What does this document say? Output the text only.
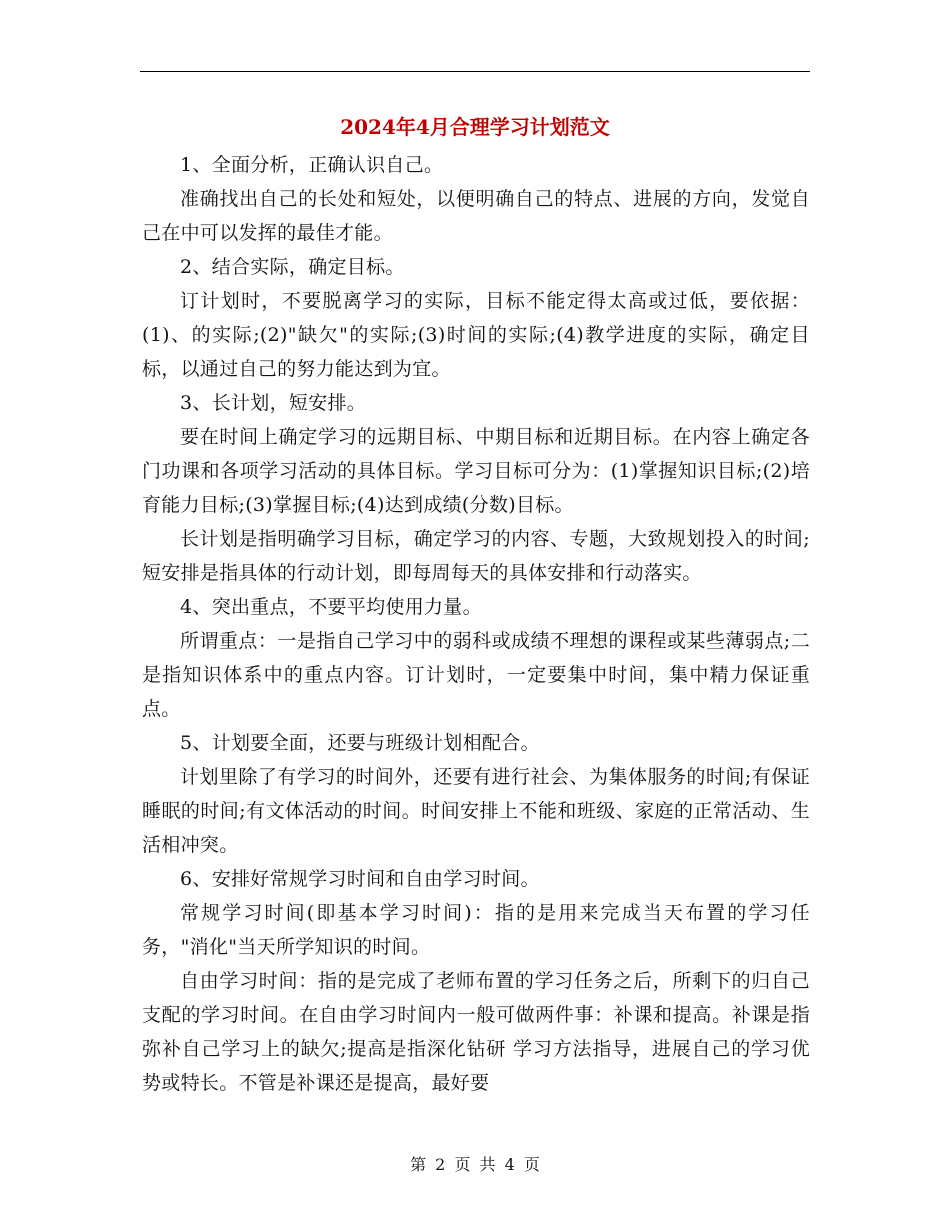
2024年4月合理学习计划范文

1、全面分析，正确认识自己。

准确找出自己的长处和短处，以便明确自己的特点、进展的方向，发觉自己在中可以发挥的最佳才能。

2、结合实际，确定目标。

订计划时，不要脱离学习的实际，目标不能定得太高或过低，要依据：(1)、的实际;(2)"缺欠"的实际;(3)时间的实际;(4)教学进度的实际，确定目标，以通过自己的努力能达到为宜。

3、长计划，短安排。

要在时间上确定学习的远期目标、中期目标和近期目标。在内容上确定各门功课和各项学习活动的具体目标。学习目标可分为：(1)掌握知识目标;(2)培育能力目标;(3)掌握目标;(4)达到成绩(分数)目标。

长计划是指明确学习目标，确定学习的内容、专题，大致规划投入的时间;短安排是指具体的行动计划，即每周每天的具体安排和行动落实。

4、突出重点，不要平均使用力量。

所谓重点：一是指自己学习中的弱科或成绩不理想的课程或某些薄弱点;二是指知识体系中的重点内容。订计划时，一定要集中时间，集中精力保证重点。

5、计划要全面，还要与班级计划相配合。

计划里除了有学习的时间外，还要有进行社会、为集体服务的时间;有保证睡眠的时间;有文体活动的时间。时间安排上不能和班级、家庭的正常活动、生活相冲突。

6、安排好常规学习时间和自由学习时间。

常规学习时间(即基本学习时间)：指的是用来完成当天布置的学习任务，"消化"当天所学知识的时间。

自由学习时间：指的是完成了老师布置的学习任务之后，所剩下的归自己支配的学习时间。在自由学习时间内一般可做两件事：补课和提高。补课是指弥补自己学习上的缺欠;提高是指深化钻研 学习方法指导，进展自己的学习优势或特长。不管是补课还是提高，最好要

第 2 页 共 4 页
